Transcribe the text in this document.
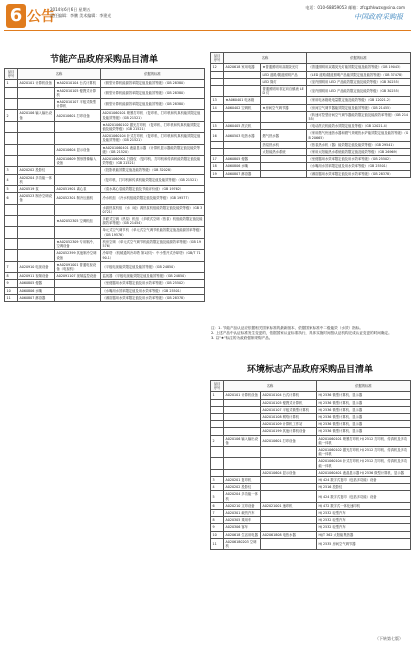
6 公告
2014年6月6日 星期五
责任编辑：李鹏 美术编辑：李建光
电话：010-68859053 邮箱：zfcgzhkwzx@sina.com
中国政府采购报
节能产品政府采购品目清单
品目序号	名称		依据的标准
1	A020101 计算机设备	★A02010104 台式计算机	《微型计算机能源效率限定值及能效等级》（GB 28380）
		★A02010105 便携式计算机	《微型计算机能源效率限定值及能效等级》（GB 28380）
		★A02010107 平板式微型计算机	《微型计算机能源效率限定值及能效等级》（GB 28380）
2	A020106 输入输出设备	A02010601 打印设备	A0201060101 喷墨打印机 《复印机、打印机和传真机能效限定值及能效等级》（GB 21521）
			★A0201060102 激光打印机 《复印机、打印机和传真机能效限定值及能效等级》（GB 21521）
			A0201060104 针式打印机 《复印机、打印机和传真机能效限定值及能效等级》（GB 21521）
		A02010604 显示设备	★A0201060401 液晶显示器 《计算机显示器能效限定值及能效等级》（GB 21520）
		A02010609 图形图像输入设备	A0201060901 扫描仪 《复印机、打印机和传真机能效限定值及能效等级》（GB 21521）
3	A020202 投影仪		《投影机能效限定值及能效等级》（GB 32028）
4	A020204 多功能一体机		《复印机、打印机和传真机能效限定值及能效等级》（GB 21521）
5	A020519 泵	A02051901 离心泵	《清水离心泵能效限定值及节能评价值》（GB 19762）
6	A020523 制冷空调设备	A02052301 制冷压缩机	冷水机组 《冷水机组能效限定值及能效等级》（GB 19577）
			水源热泵机组 《水（地）源热泵机组能效限定值及能效等级》（GB 30721）
		★A02052305 空调机组	多联式空调（热泵）机组 《多联式空调（热泵）机组能效限定值及能源效率等级》（GB 21454）
			单元式空气调节机 《单元式空气调节机能效限定值及能源效率等级》（GB 19576）
		★A02052309 专用制冷、空调设备	机房空调 《单元式空气调节机能效限定值及能源效率等级》（GB 19576）
		A02052399 其他制冷空调设备	冷却塔 《机械通风冷却塔 第1部分：中小型开式冷却塔》（GB/T 7190.1）
7	A020910 电视设备	★A02091001 普通电视设备（电视机）	《平板电视能效限定值及能效等级》（GB 24850）
8	A020911 视频设备	A02091107 视频监控设备	监视器 《平板电视能效限定值及能效等级》（GB 24850）
9	A060805 便器		《坐便器用水效率限定值及用水效率等级》（GB 25502）
10	A060806 水嘴		《水嘴用水效率限定值及用水效率等级》（GB 25501）
11	A060807 淋浴器		《淋浴器用水效率限定值及用水效率等级》（GB 28378）
品目序号	名称		依据的标准
12	A020618 家用电器	★普通照明用双端荧光灯	《普通照明用双端荧光灯能效限定值及能效等级》（GB 19043）
		LED 道路/隧道照明产品	《LED 道路/隧道照明产品能效限定值及能效等级》（GB 37478）
		LED 筒灯	《室内照明用 LED 产品能效限定值及能效等级》（GB 30255）
		普通照明用非定向自镇流 LED 灯	《室内照明用 LED 产品能效限定值及能效等级》（GB 30255）
13	★A060401 电冰箱		《家用电冰箱耗电量限定值及能效等级》（GB 12021.2）
14	A060402 空调机	★房间空气调节器	《房间空气调节器能效限定值及能效等级》（GB 21455）
			《转速可控型房间空气调节器能效限定值及能源效率等级》（GB 21455）
15	A060405 洗衣机		《电动洗衣机能效水效限定值及等级》（GB 12021.4）
16	A060503 电热水器	燃气热水器	《家用燃气快速热水器和燃气采暖热水炉能效限定值及能效等级》（GB 20665）
		热泵热水机	《热泵热水机（器）能效限定值及能效等级》（GB 29541）
		太阳能热水系统	《家用太阳能热水系统能效限定值及能效等级》（GB 26969）
17	A060805 便器		《坐便器用水效率限定值及用水效率等级》（GB 25502）
18	A060806 水嘴		《水嘴用水效率限定值及用水效率等级》（GB 25501）
19	A060807 淋浴器		《淋浴器用水效率限定值及用水效率等级》（GB 28378）
注：1. 节能产品认证应依据相关国家标准的最新版本，依据国家标准中二级能效（水效）指标。
2. 上述产品中认证标准发生变更的，依据国家认证标准执行，具体实施时间按认证机构完成认证变更的时间确定。
3. 以"★"标注的为政府强制采购产品。
环境标志产品政府采购品目清单
品目序号	名称		依据的标准
1	A020101 计算机设备	A02010104 台式计算机	HJ 2536 微型计算机、显示器
		A02010105 便携式计算机	HJ 2536 微型计算机、显示器
		A02010107 平板式微型计算机	HJ 2536 微型计算机、显示器
		A02010108 网络计算机	HJ 2536 微型计算机、显示器
		A02010109 计算机工作站	HJ 2536 微型计算机、显示器
		A02010199 其他计算机设备	HJ 2536 微型计算机、显示器
2	A020106 输入输出设备	A02010601 打印设备	A0201060101 喷墨打印机 HJ 2512 打印机、传真机及多功能一体机
			A0201060102 激光打印机 HJ 2512 打印机、传真机及多功能一体机
			A0201060104 针式打印机 HJ 2512 打印机、传真机及多功能一体机
		A02010604 显示设备	A0201060401 液晶显示器 HJ 2536 微型计算机、显示器
3	A020201 复印机		HJ 424 数字式复印（包括多功能）设备
4	A020202 投影仪		HJ 2516 投影仪
5	A020204 多功能一体机		HJ 424 数字式复印（包括多功能）设备
6	A020210 文印设备	A02021001 速印机	HJ 472 数字式一体化速印机
7	A020301 载货汽车		HJ 2532 轻型汽车
8	A020305 乘用车		HJ 2532 轻型汽车
9	A020306 客车		HJ 2532 轻型汽车
10	A020618 生活用电器	A02061808 电热水器	HJ/T 362 太阳能集热器
11	A0206180203 空调机		HJ 2535 房间空气调节器
（下转第七版）
